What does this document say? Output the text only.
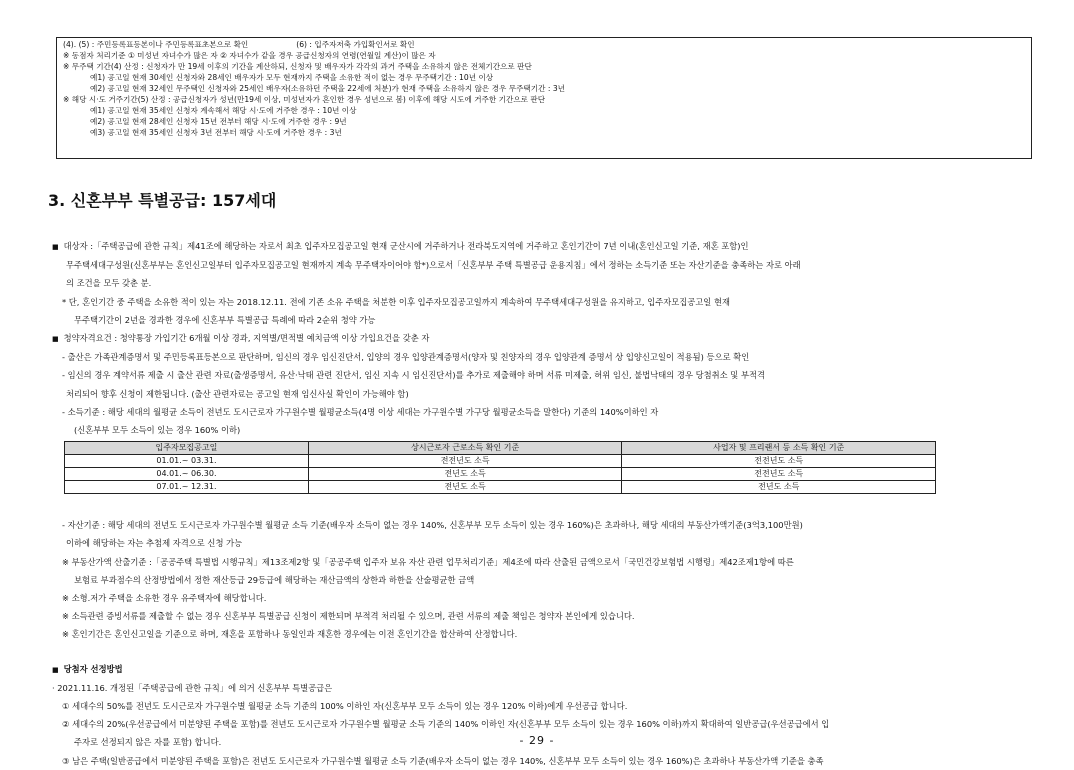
(4). (5) : 주민등록표등본이나 주민등록표초본으로 확인	(6) : 입주자저축 가입확인서로 확인
※ 동점자 처리기준 ① 미성년 자녀수가 많은 자 ② 자녀수가 같을 경우 공급신청자의 연령(연월일 계산)이 많은 자
※ 무주택 기간(4) 산정 : 신청자가 만 19세 이후의 기간을 계산하되, 신청자 및 배우자가 각각의 과거 주택을 소유하지 않은 전체기간으로 판단
예1) 공고일 현재 30세인 신청자와 28세인 배우자가 모두 현재까지 주택을 소유한 적이 없는 경우 무주택기간 : 10년 이상
예2) 공고일 현재 32세인 무주택인 신청자와 25세인 배우자(소유하던 주택을 22세에 처분)가 현재 주택을 소유하지 않은 경우 무주택기간 : 3년
※ 해당 시·도 거주기간(5) 산정 : 공급신청자가 성년(만19세 이상, 미성년자가 혼인한 경우 성년으로 봄) 이후에 해당 시도에 거주한 기간으로 판단
예1) 공고일 현재 35세인 신청자 계속해서 해당 시·도에 거주한 경우 : 10년 이상
예2) 공고일 현재 28세인 신청자 15년 전부터 해당 시·도에 거주한 경우 : 9년
예3) 공고일 현재 35세인 신청자 3년 전부터 해당 시·도에 거주한 경우 : 3년
3. 신혼부부 특별공급: 157세대
■ 대상자 :「주택공급에 관한 규칙」제41조에 해당하는 자로서 최초 입주자모집공고일 현재 군산시에 거주하거나 전라북도지역에 거주하고 혼인기간이 7년 이내(혼인신고일 기준, 재혼 포함)인
무주택세대구성원(신혼부부는 혼인신고일부터 입주자모집공고일 현재까지 계속 무주택자이어야 함*)으로서「신혼부부 주택 특별공급 운용지침」에서 정하는 소득기준 또는 자산기준을 충족하는 자로 아래
의 조건을 모두 갖춘 분.
* 단, 혼인기간 중 주택을 소유한 적이 있는 자는 2018.12.11. 전에 기존 소유 주택을 처분한 이후 입주자모집공고일까지 계속하여 무주택세대구성원을 유지하고, 입주자모집공고일 현재
무주택기간이 2년을 경과한 경우에 신혼부부 특별공급 특례에 따라 2순위 청약 가능
■ 청약자격요건 : 청약통장 가입기간 6개월 이상 경과, 지역별/면적별 예치금액 이상 가입요건을 갖춘 자
- 출산은 가족관계증명서 및 주민등록표등본으로 판단하며, 임신의 경우 임신진단서, 입양의 경우 입양관계증명서(양자 및 친양자의 경우 입양관계 증명서 상 입양신고일이 적용됨) 등으로 확인
- 임신의 경우 계약서류 제출 시 출산 관련 자료(출생증명서, 유산·낙태 관련 진단서, 임신 지속 시 임신진단서)를 추가로 제출해야 하며 서류 미제출, 허위 임신, 불법낙태의 경우 당첨취소 및 부적격
처리되어 향후 신청이 제한됩니다. (출산 관련자료는 공고일 현재 임신사실 확인이 가능해야 함)
- 소득기준 : 해당 세대의 월평균 소득이 전년도 도시근로자 가구원수별 월평균소득(4명 이상 세대는 가구원수별 가구당 월평균소득을 말한다) 기준의 140%이하인 자
(신혼부부 모두 소득이 있는 경우 160% 이하)
입주자모집공고일	상시근로자 근로소득 확인 기준	사업자 및 프리랜서 등 소득 확인 기준
01.01.~ 03.31.	전전년도 소득	전전년도 소득
04.01.~ 06.30.	전년도 소득	전전년도 소득
07.01.~ 12.31.	전년도 소득	전년도 소득
- 자산기준 : 해당 세대의 전년도 도시근로자 가구원수별 월평균 소득 기준(배우자 소득이 없는 경우 140%, 신혼부부 모두 소득이 있는 경우 160%)은 초과하나, 해당 세대의 부동산가액기준(3억3,100만원)
이하에 해당하는 자는 추첨제 자격으로 신청 가능
※ 부동산가액 산출기준 :「공공주택 특별법 시행규칙」제13조제2항 및「공공주택 입주자 보유 자산 관련 업무처리기준」제4조에 따라 산출된 금액으로서「국민건강보험법 시행령」제42조제1항에 따른
보험료 부과점수의 산정방법에서 정한 재산등급 29등급에 해당하는 재산금액의 상한과 하한을 산술평균한 금액
※ 소형.저가 주택을 소유한 경우 유주택자에 해당합니다.
※ 소득관련 증빙서류를 제출할 수 없는 경우 신혼부부 특별공급 신청이 제한되며 부적격 처리될 수 있으며, 관련 서류의 제출 책임은 청약자 본인에게 있습니다.
※ 혼인기간은 혼인신고일을 기준으로 하며, 재혼을 포함하나 동일인과 재혼한 경우에는 이전 혼인기간을 합산하여 산정합니다.
■ 당첨자 선정방법
· 2021.11.16. 개정된「주택공급에 관한 규칙」에 의거 신혼부부 특별공급은
① 세대수의 50%를 전년도 도시근로자 가구원수별 월평균 소득 기준의 100% 이하인 자(신혼부부 모두 소득이 있는 경우 120% 이하)에게 우선공급 합니다.
② 세대수의 20%(우선공급에서 미분양된 주택을 포함)를 전년도 도시근로자 가구원수별 월평균 소득 기준의 140% 이하인 자(신혼부부 모두 소득이 있는 경우 160% 이하)까지 확대하여 일반공급(우선공급에서 입
주자로 선정되지 않은 자를 포함) 합니다.
③ 남은 주택(일반공급에서 미분양된 주택을 포함)은 전년도 도시근로자 가구원수별 월평균 소득 기준(배우자 소득이 없는 경우 140%, 신혼부부 모두 소득이 있는 경우 160%)은 초과하나 부동산가액 기준을 충족
- 29 -
